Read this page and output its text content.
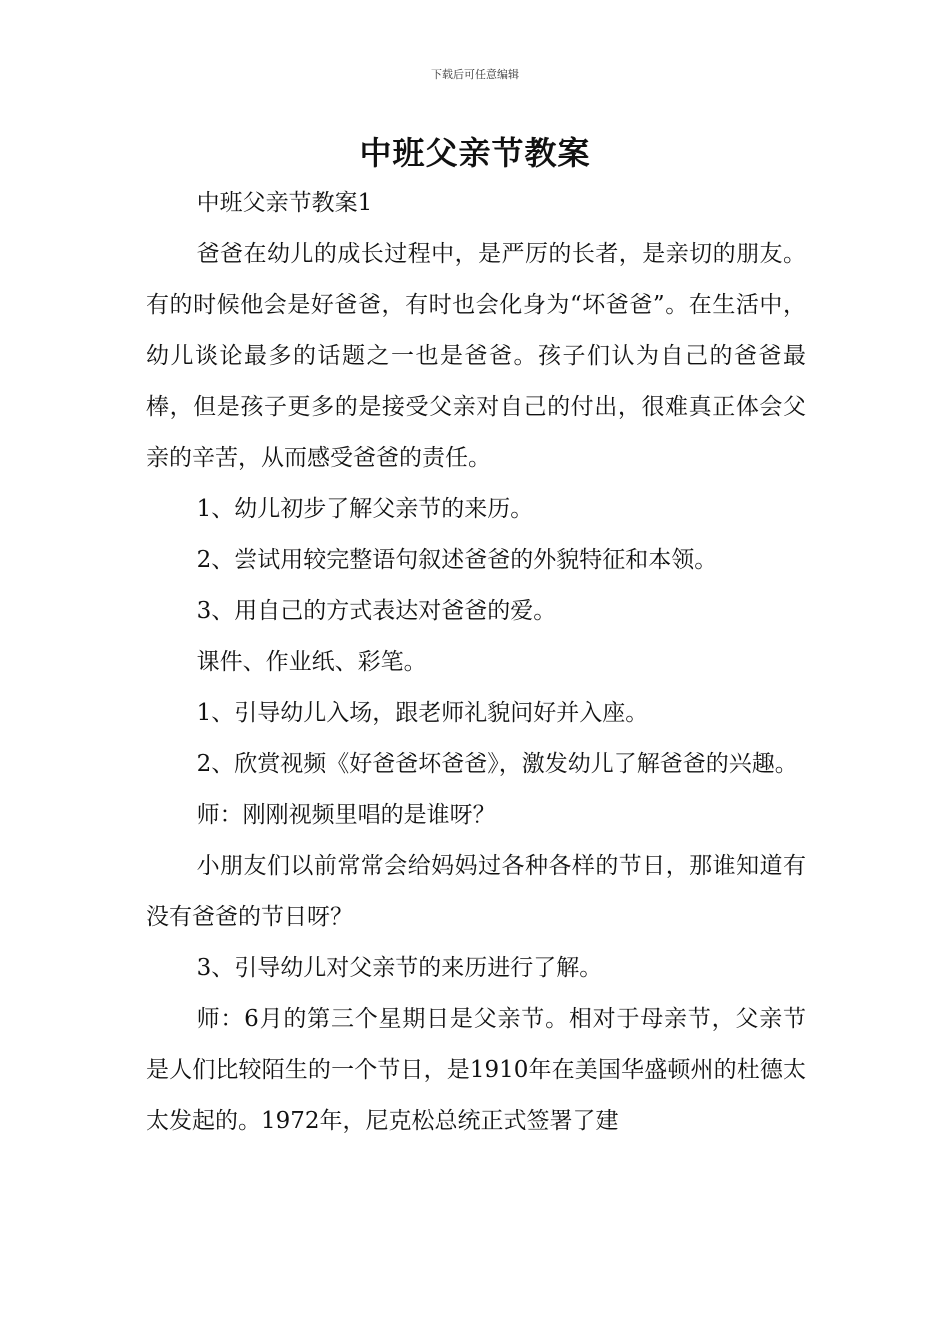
下载后可任意编辑
中班父亲节教案

中班父亲节教案1

爸爸在幼儿的成长过程中，是严厉的长者，是亲切的朋友。有的时候他会是好爸爸，有时也会化身为“坏爸爸”。在生活中，幼儿谈论最多的话题之一也是爸爸。孩子们认为自己的爸爸最棒，但是孩子更多的是接受父亲对自己的付出，很难真正体会父亲的辛苦，从而感受爸爸的责任。

1、幼儿初步了解父亲节的来历。

2、尝试用较完整语句叙述爸爸的外貌特征和本领。

3、用自己的方式表达对爸爸的爱。

课件、作业纸、彩笔。

1、引导幼儿入场，跟老师礼貌问好并入座。

2、欣赏视频《好爸爸坏爸爸》，激发幼儿了解爸爸的兴趣。

师：刚刚视频里唱的是谁呀？

小朋友们以前常常会给妈妈过各种各样的节日，那谁知道有没有爸爸的节日呀？

3、引导幼儿对父亲节的来历进行了解。

师：6月的第三个星期日是父亲节。相对于母亲节，父亲节是人们比较陌生的一个节日，是1910年在美国华盛顿州的杜德太太发起的。1972年，尼克松总统正式签署了建
